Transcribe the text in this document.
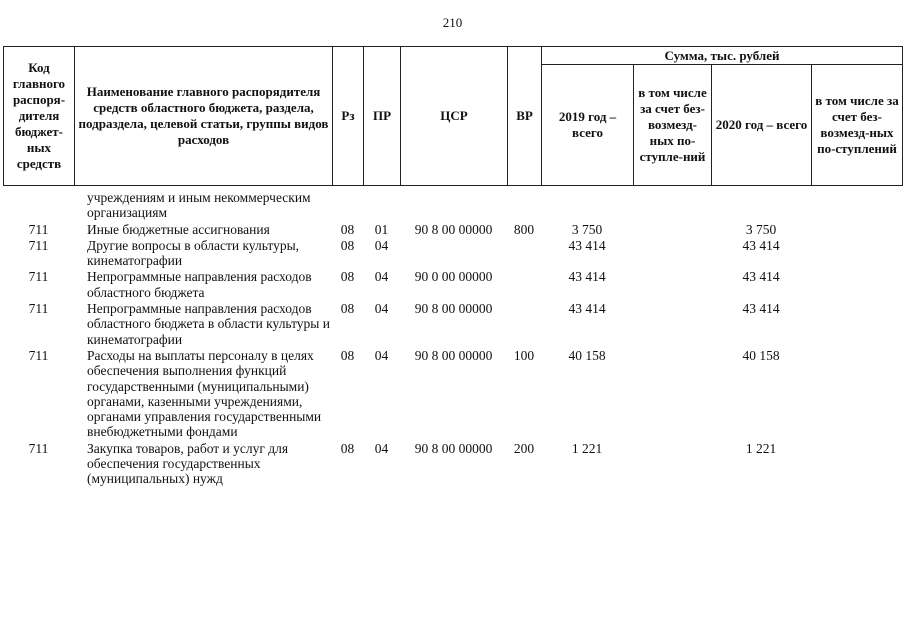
210
Код главного распоря-дителя бюджет-ных средств	Наименование главного распорядителя средств областного бюджета, раздела, подраздела, целевой статьи, группы видов расходов	Рз	ПР	ЦСР	ВР	Сумма, тыс. рублей			
						2019 год – всего	в том числе за счет без-возмезд-ных по-ступле-ний	2020 год – всего	в том числе за счет без-возмезд-ных по-ступлений
	учреждениям и иным некоммерческим организациям								
711	Иные бюджетные ассигнования	08	01	90 8 00 00000	800	3 750		3 750	
711	Другие вопросы в области культуры, кинематографии	08	04			43 414		43 414	
711	Непрограммные направления расходов областного бюджета	08	04	90 0 00 00000		43 414		43 414	
711	Непрограммные направления расходов областного бюджета в области культуры и кинематографии	08	04	90 8 00 00000		43 414		43 414	
711	Расходы на выплаты персоналу в целях обеспечения выполнения функций государственными (муниципальными) органами, казенными учреждениями, органами управления государственными внебюджетными фондами	08	04	90 8 00 00000	100	40 158		40 158	
711	Закупка товаров, работ и услуг для обеспечения государственных (муниципальных) нужд	08	04	90 8 00 00000	200	1 221		1 221	
